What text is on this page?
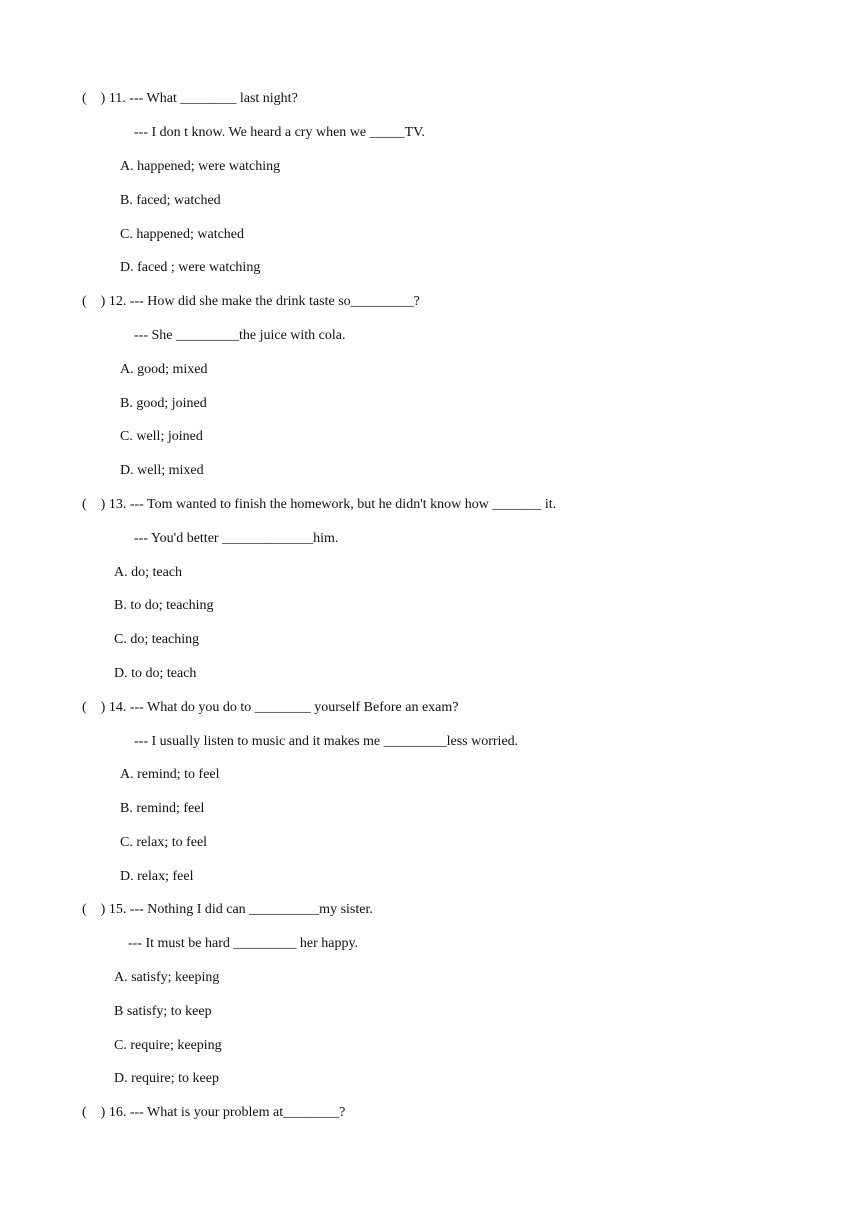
(    ) 11. --- What ________ last night?
--- I don t know. We heard a cry when we _____TV.
A. happened; were watching
B. faced; watched
C. happened; watched
D. faced ; were watching
(    ) 12. --- How did she make the drink taste so_________?
--- She _________the juice with cola.
A. good; mixed
B. good; joined
C. well; joined
D. well; mixed
(    ) 13. --- Tom wanted to finish the homework, but he didn't know how _______ it.
--- You'd better _____________him.
A. do; teach
B. to do; teaching
C. do; teaching
D. to do; teach
(    ) 14. --- What do you do to ________ yourself Before an exam?
--- I usually listen to music and it makes me _________less worried.
A. remind; to feel
B. remind; feel
C. relax; to feel
D. relax; feel
(    ) 15. --- Nothing I did can __________my sister.
--- It must be hard _________ her happy.
A. satisfy; keeping
B satisfy; to keep
C. require; keeping
D. require; to keep
(    ) 16. --- What is your problem at________?
